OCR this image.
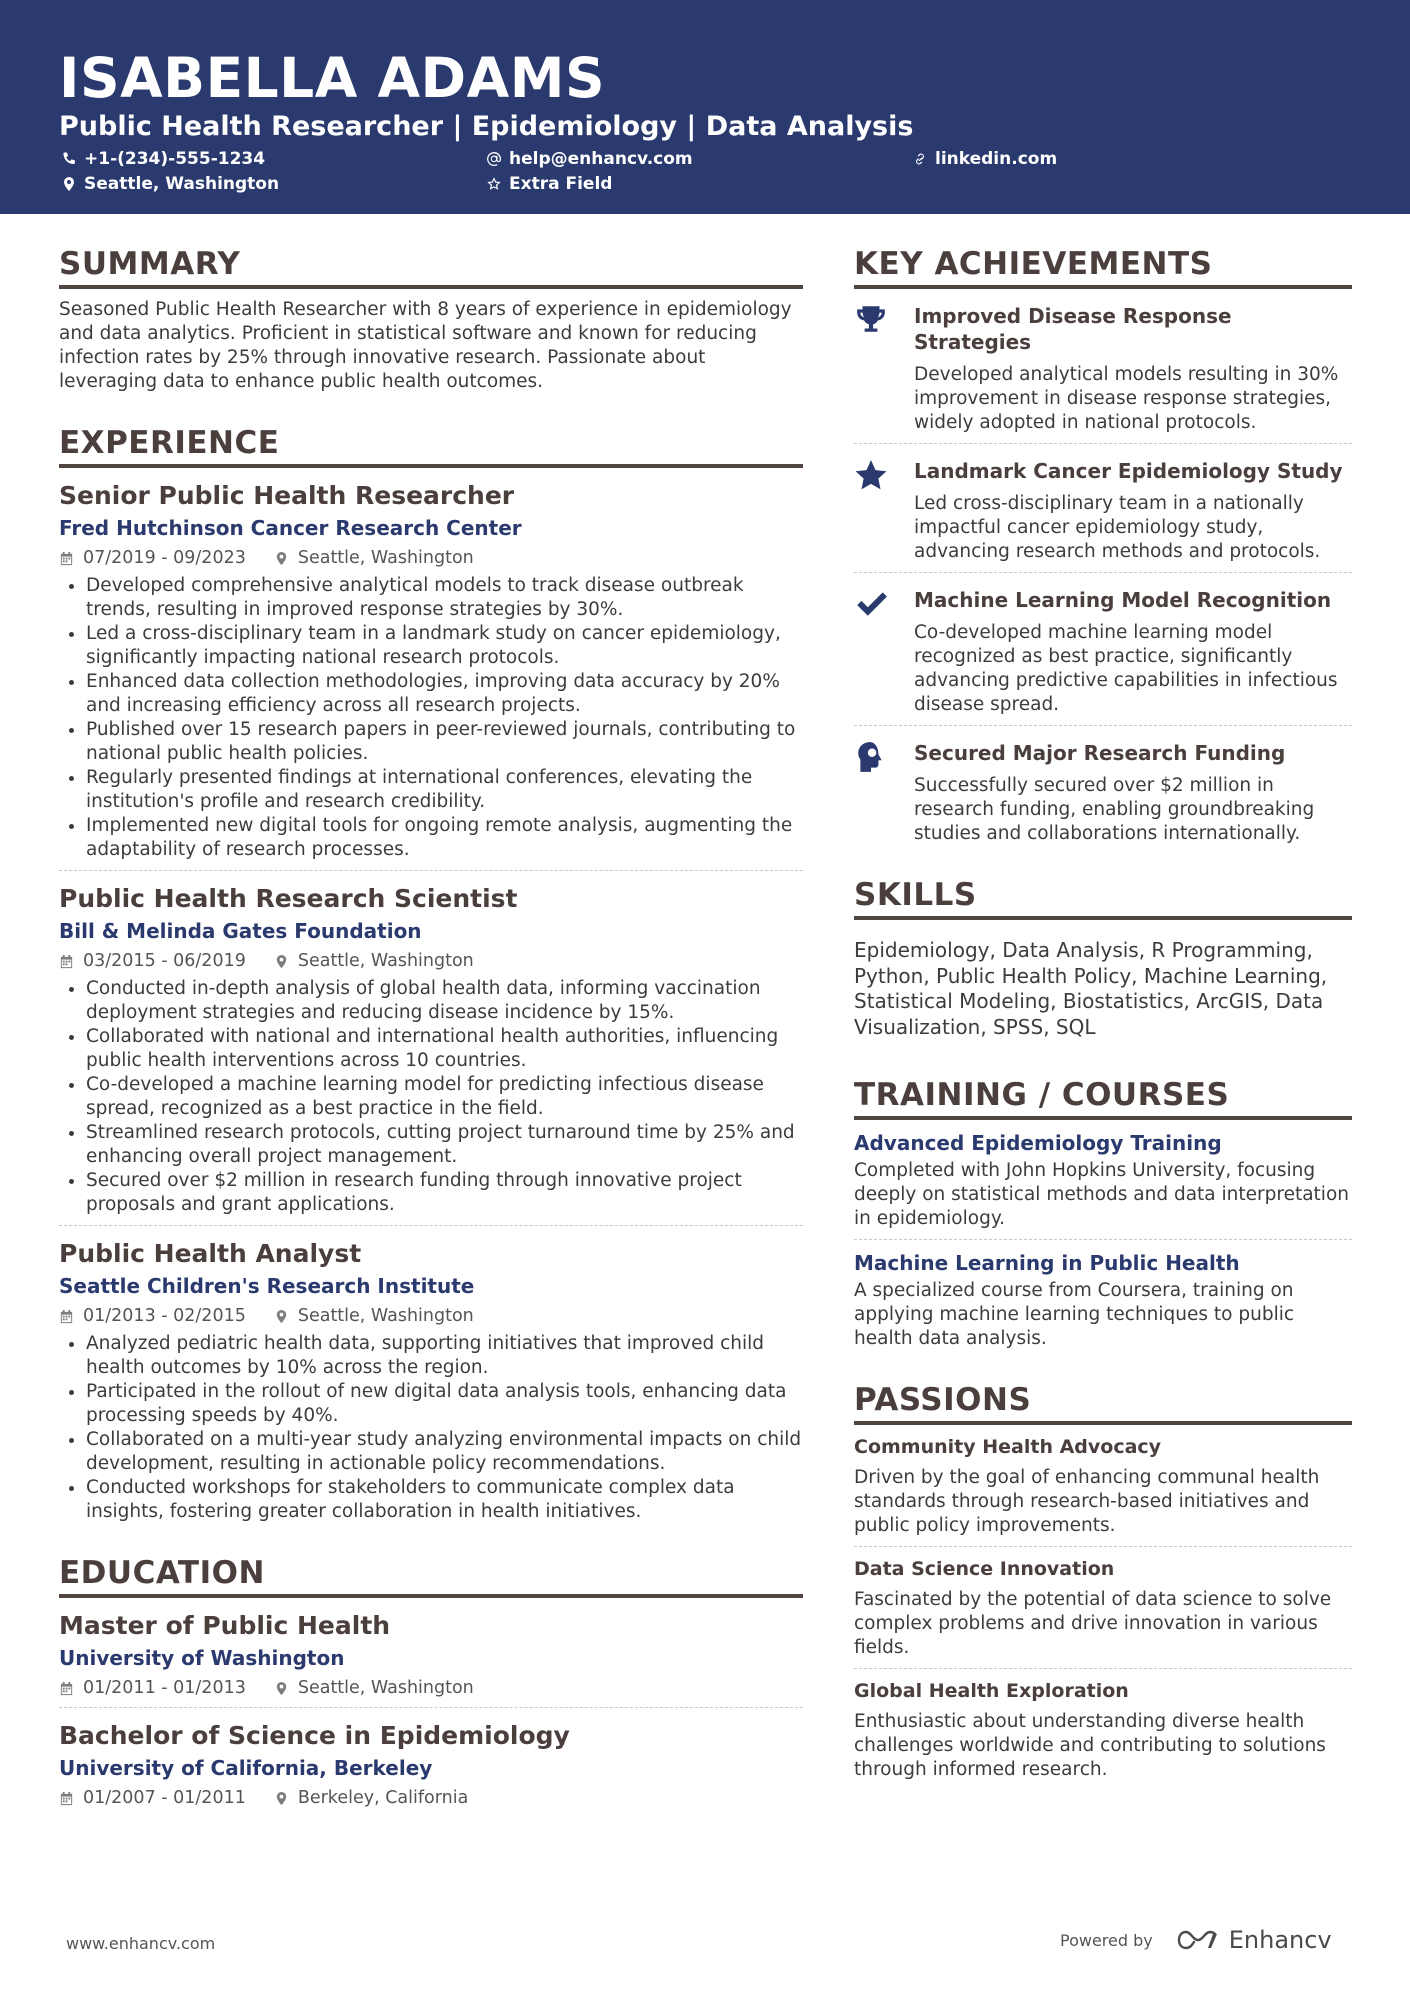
ISABELLA ADAMS
Public Health Researcher | Epidemiology | Data Analysis
+1-(234)-555-1234	help@enhancv.com	linkedin.com
Seattle, Washington	Extra Field
SUMMARY

Seasoned Public Health Researcher with 8 years of experience in epidemiology and data analytics. Proficient in statistical software and known for reducing infection rates by 25% through innovative research. Passionate about leveraging data to enhance public health outcomes.

EXPERIENCE
Senior Public Health Researcher
Fred Hutchinson Cancer Research Center
07/2019 - 09/2023	Seattle, Washington
• Developed comprehensive analytical models to track disease outbreak trends, resulting in improved response strategies by 30%.
• Led a cross-disciplinary team in a landmark study on cancer epidemiology, significantly impacting national research protocols.
• Enhanced data collection methodologies, improving data accuracy by 20% and increasing efficiency across all research projects.
• Published over 15 research papers in peer-reviewed journals, contributing to national public health policies.
• Regularly presented findings at international conferences, elevating the institution's profile and research credibility.
• Implemented new digital tools for ongoing remote analysis, augmenting the adaptability of research processes.
Public Health Research Scientist
Bill & Melinda Gates Foundation
03/2015 - 06/2019	Seattle, Washington
• Conducted in-depth analysis of global health data, informing vaccination deployment strategies and reducing disease incidence by 15%.
• Collaborated with national and international health authorities, influencing public health interventions across 10 countries.
• Co-developed a machine learning model for predicting infectious disease spread, recognized as a best practice in the field.
• Streamlined research protocols, cutting project turnaround time by 25% and enhancing overall project management.
• Secured over $2 million in research funding through innovative project proposals and grant applications.
Public Health Analyst
Seattle Children's Research Institute
01/2013 - 02/2015	Seattle, Washington
• Analyzed pediatric health data, supporting initiatives that improved child health outcomes by 10% across the region.
• Participated in the rollout of new digital data analysis tools, enhancing data processing speeds by 40%.
• Collaborated on a multi-year study analyzing environmental impacts on child development, resulting in actionable policy recommendations.
• Conducted workshops for stakeholders to communicate complex data insights, fostering greater collaboration in health initiatives.
EDUCATION
Master of Public Health
University of Washington
01/2011 - 01/2013	Seattle, Washington
Bachelor of Science in Epidemiology
University of California, Berkeley
01/2007 - 01/2011	Berkeley, California
KEY ACHIEVEMENTS
Improved Disease Response Strategies

Developed analytical models resulting in 30% improvement in disease response strategies, widely adopted in national protocols.

Landmark Cancer Epidemiology Study

Led cross-disciplinary team in a nationally impactful cancer epidemiology study, advancing research methods and protocols.

Machine Learning Model Recognition

Co-developed machine learning model recognized as best practice, significantly advancing predictive capabilities in infectious disease spread.

Secured Major Research Funding

Successfully secured over $2 million in research funding, enabling groundbreaking studies and collaborations internationally.

SKILLS

Epidemiology, Data Analysis, R Programming, Python, Public Health Policy, Machine Learning, Statistical Modeling, Biostatistics, ArcGIS, Data Visualization, SPSS, SQL

TRAINING / COURSES
Advanced Epidemiology Training

Completed with John Hopkins University, focusing deeply on statistical methods and data interpretation in epidemiology.

Machine Learning in Public Health

A specialized course from Coursera, training on applying machine learning techniques to public health data analysis.

PASSIONS
Community Health Advocacy

Driven by the goal of enhancing communal health standards through research-based initiatives and public policy improvements.

Data Science Innovation

Fascinated by the potential of data science to solve complex problems and drive innovation in various fields.

Global Health Exploration

Enthusiastic about understanding diverse health challenges worldwide and contributing to solutions through informed research.

www.enhancv.com	Powered by	Enhancv
